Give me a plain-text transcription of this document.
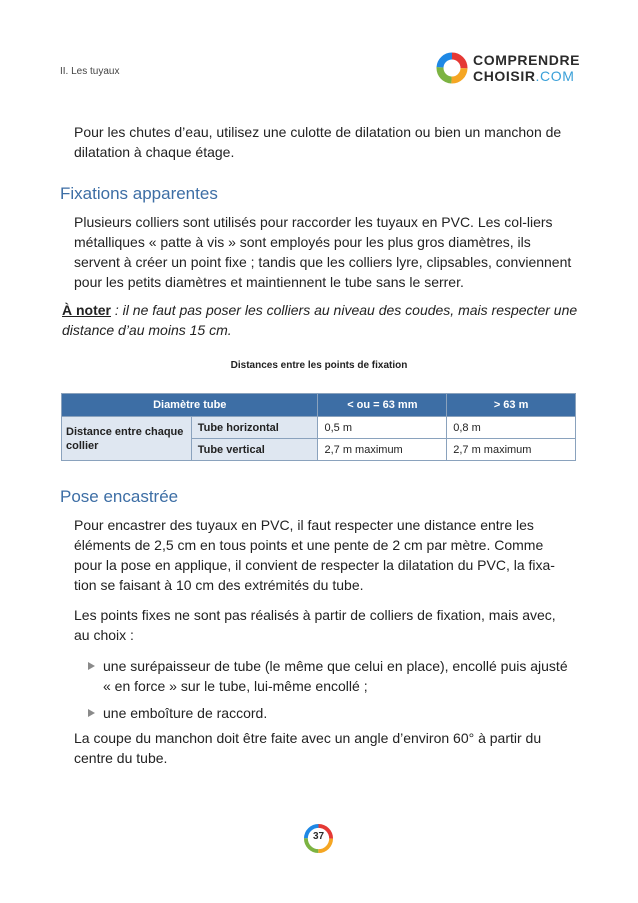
II. Les tuyaux
COMPRENDRE
CHOISIR.COM
Pour les chutes d’eau, utilisez une culotte de dilatation ou bien un manchon de dilatation à chaque étage.
Fixations apparentes
Plusieurs colliers sont utilisés pour raccorder les tuyaux en PVC. Les col-liers métalliques « patte à vis » sont employés pour les plus gros diamètres, ils servent à créer un point fixe ; tandis que les colliers lyre, clipsables, conviennent pour les petits diamètres et maintiennent le tube sans le serrer.
À noter : il ne faut pas poser les colliers au niveau des coudes, mais respecter une distance d’au moins 15 cm.
Distances entre les points de fixation
Diamètre tube		< ou = 63 mm	> 63 m
Distance entre chaque collier	Tube horizontal	0,5 m	0,8 m
	Tube vertical	2,7 m maximum	2,7 m maximum
Pose encastrée
Pour encastrer des tuyaux en PVC, il faut respecter une distance entre les éléments de 2,5 cm en tous points et une pente de 2 cm par mètre. Comme pour la pose en applique, il convient de respecter la dilatation du PVC, la fixa-tion se faisant à 10 cm des extrémités du tube.
Les points fixes ne sont pas réalisés à partir de colliers de fixation, mais avec, au choix :
une surépaisseur de tube (le même que celui en place), encollé puis ajusté « en force » sur le tube, lui-même encollé ;
une emboîture de raccord.
La coupe du manchon doit être faite avec un angle d’environ 60° à partir du centre du tube.
37
